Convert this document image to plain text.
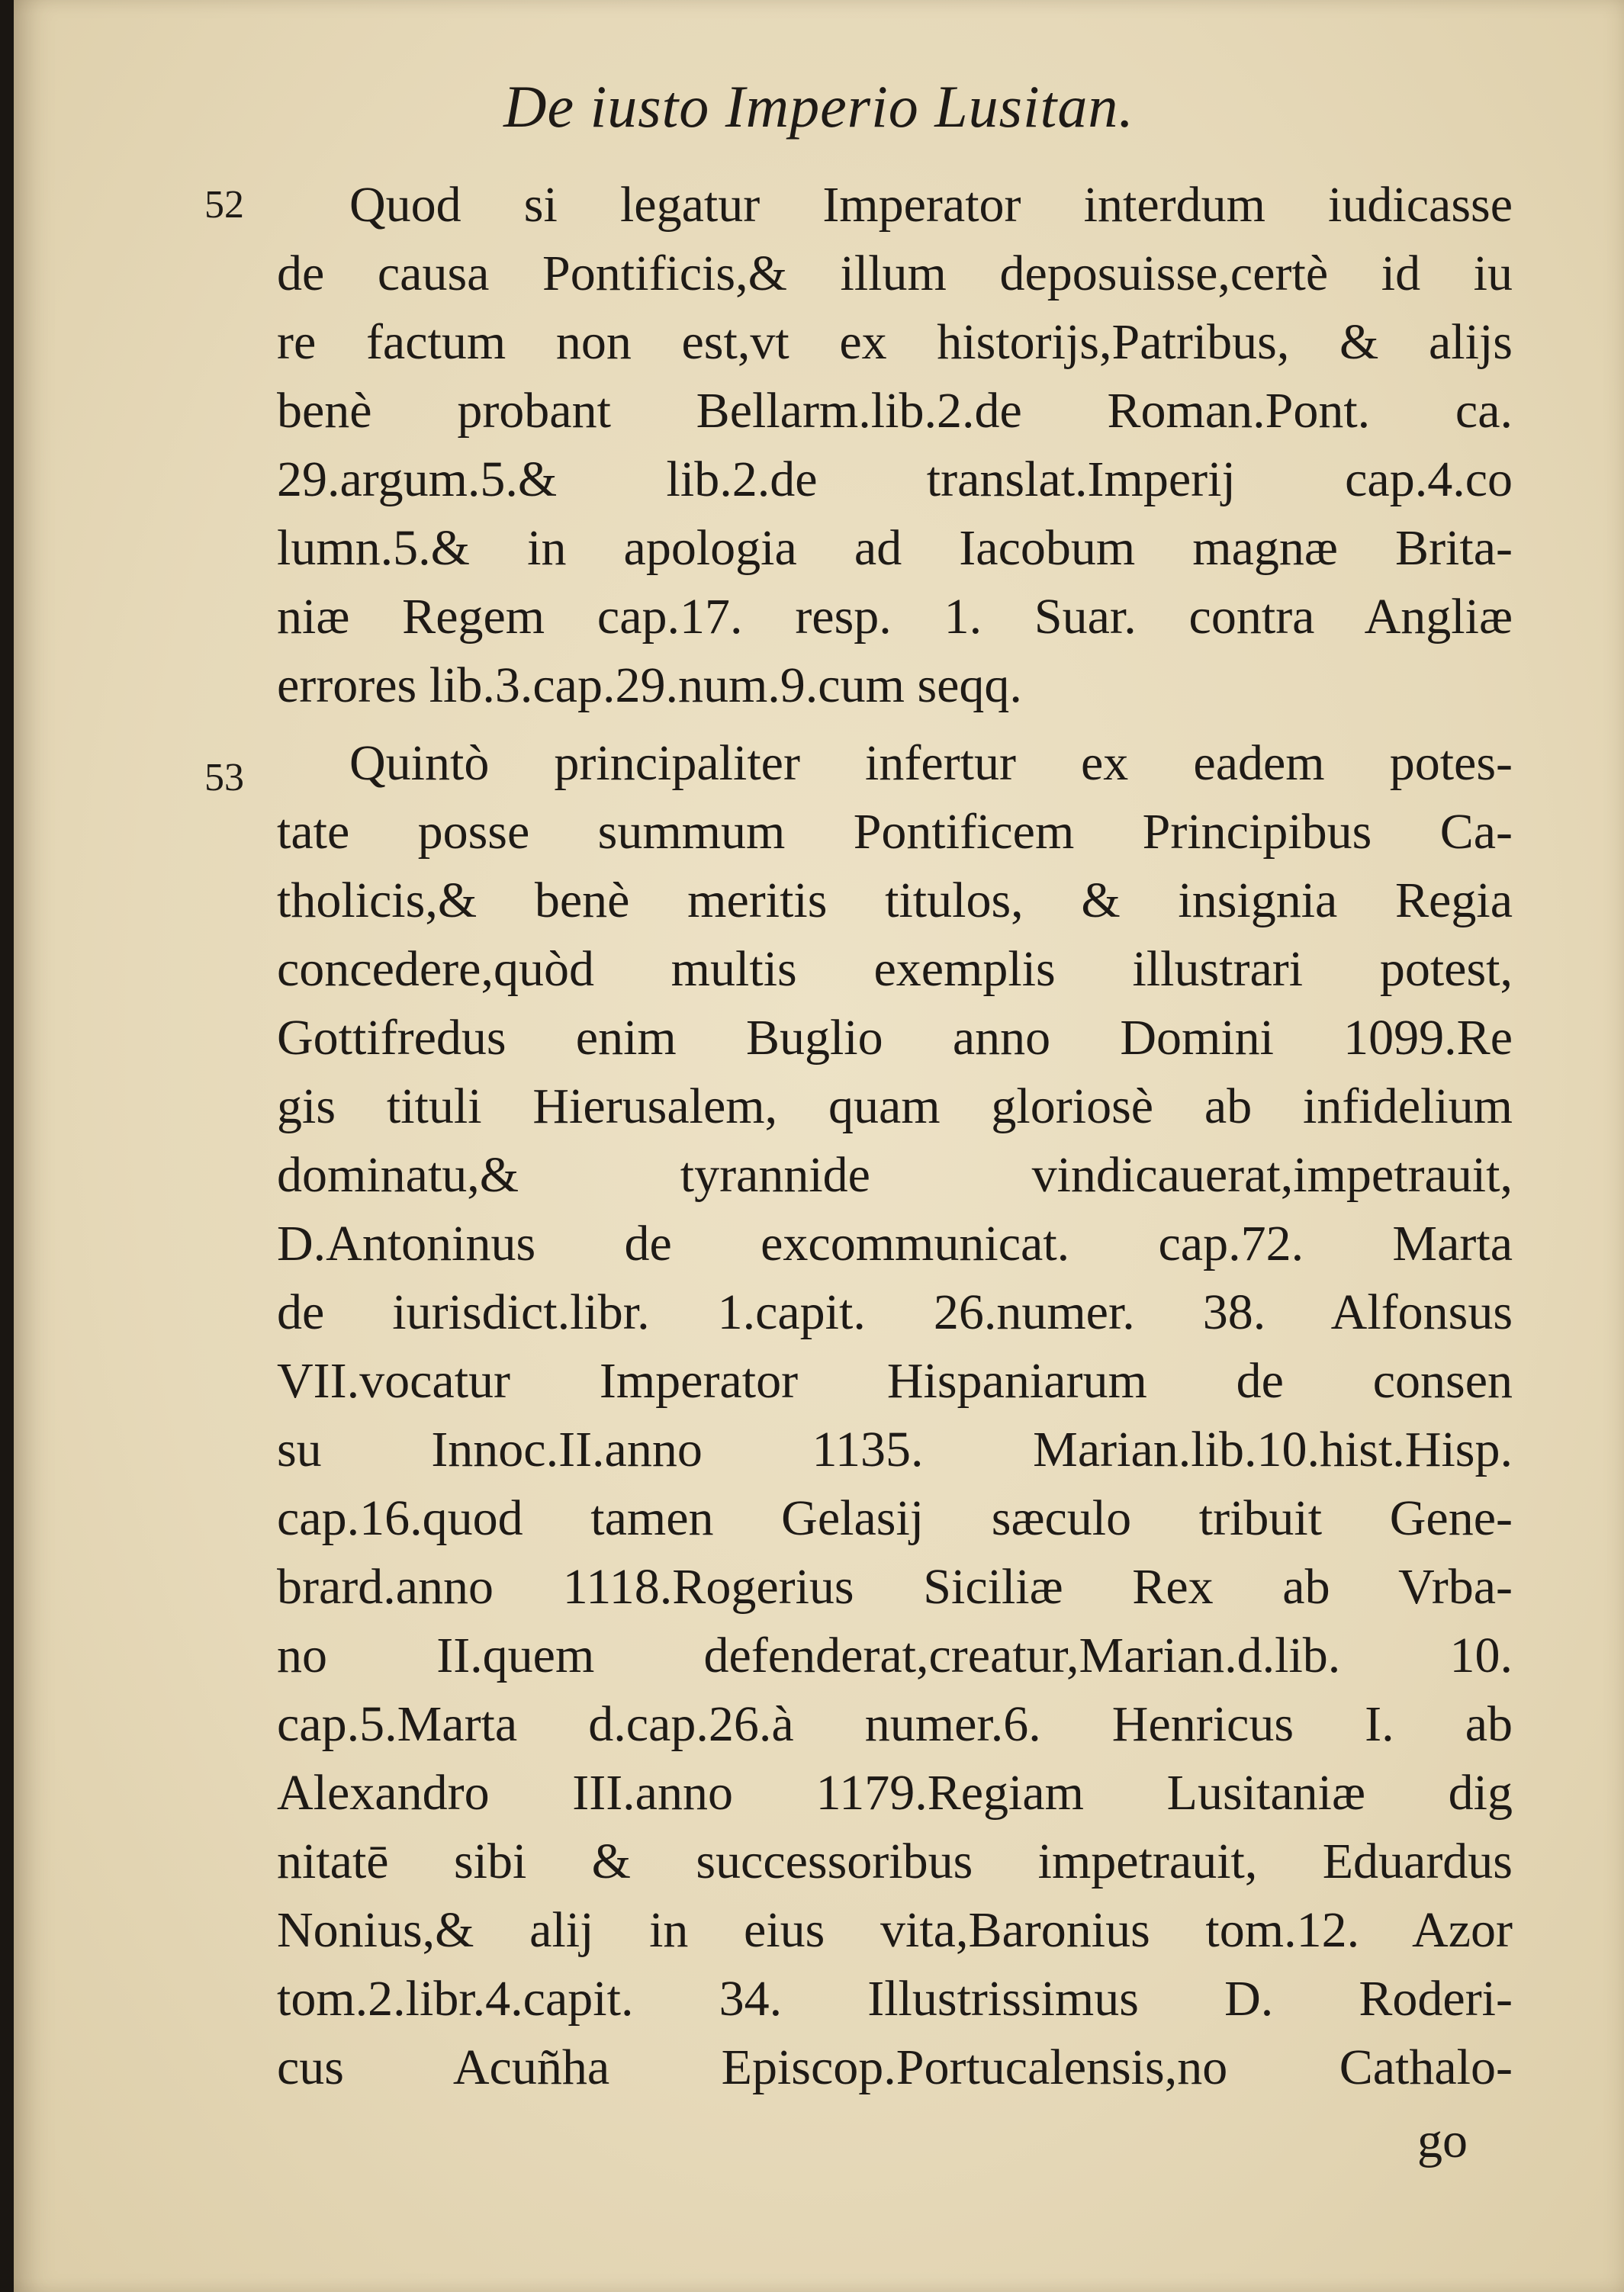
De iusto Imperio Lusitan.
52 Quod si legatur Imperator interdum iudicasse
de causa Pontificis,& illum deposuisse,certè id iu
re factum non est,vt ex historijs,Patribus, & alijs
benè probant Bellarm.lib.2.de Roman.Pont. ca.
29.argum.5.& lib.2.de translat.Imperij cap.4.co
lumn.5.& in apologia ad Iacobum magnæ Brita-
niæ Regem cap.17. resp. 1. Suar. contra Angliæ
errores lib.3.cap.29.num.9.cum seqq.
53 Quintò principaliter infertur ex eadem potes-
tate posse summum Pontificem Principibus Ca-
tholicis,& benè meritis titulos, & insignia Regia
concedere,quòd multis exemplis illustrari potest,
Gottifredus enim Buglio anno Domini 1099.Re
gis tituli Hierusalem, quam gloriosè ab infidelium
dominatu,& tyrannide vindicauerat,impetrauit,
D.Antoninus de excommunicat. cap.72. Marta
de iurisdict.libr. 1.capit. 26.numer. 38. Alfonsus
VII.vocatur Imperator Hispaniarum de consen
su Innoc.II.anno 1135. Marian.lib.10.hist.Hisp.
cap.16.quod tamen Gelasij sæculo tribuit Gene-
brard.anno 1118.Rogerius Siciliæ Rex ab Vrba-
no II.quem defenderat,creatur,Marian.d.lib. 10.
cap.5.Marta d.cap.26.à numer.6. Henricus I. ab
Alexandro III.anno 1179.Regiam Lusitaniæ dig
nitatē sibi & successoribus impetrauit, Eduardus
Nonius,& alij in eius vita,Baronius tom.12. Azor
tom.2.libr.4.capit. 34. Illustrissimus D. Roderi-
cus Acuñha Episcop.Portucalensis,no Cathalo-
go
